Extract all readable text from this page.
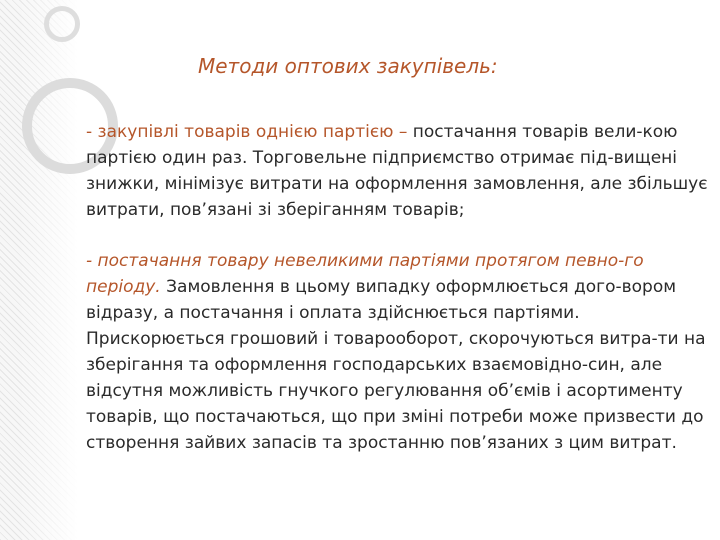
Методи оптових закупівель:
- закупівлі товарів однією партією – постачання товарів вели-кою партією один раз. Торговельне підприємство отримає під-вищені знижки, мінімізує витрати на оформлення замовлення, але збільшує витрати, пов’язані зі зберіганням товарів;
- постачання товару невеликими партіями протягом певно-го періоду. Замовлення в цьому випадку оформлюється дого-вором відразу, а постачання і оплата здійснюється партіями. Прискорюється грошовий і товарооборот, скорочуються витра-ти на зберігання та оформлення господарських взаємовідно-син, але відсутня можливість гнучкого регулювання об’ємів і асортименту товарів, що постачаються, що при зміні потреби може призвести до створення зайвих запасів та зростанню пов’язаних з цим витрат.
